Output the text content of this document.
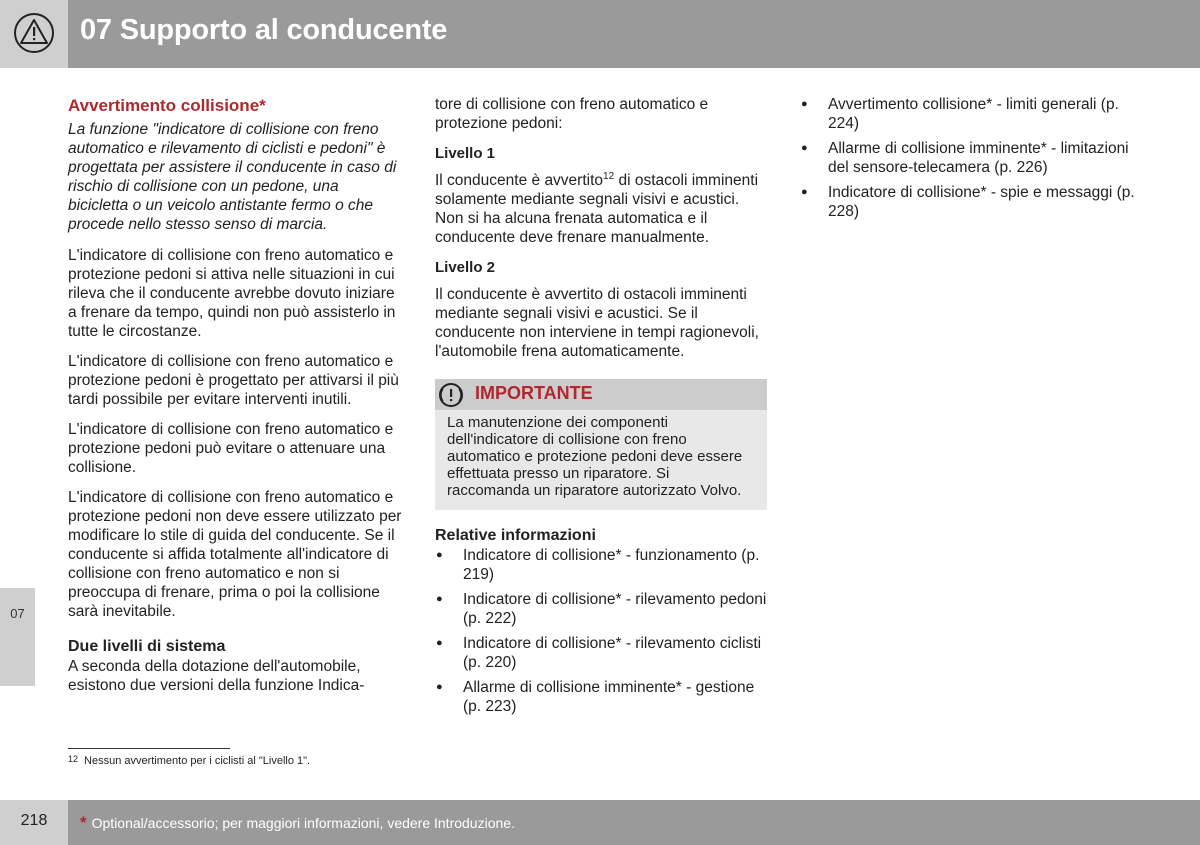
07 Supporto al conducente
07
Avvertimento collisione*

La funzione "indicatore di collisione con freno automatico e rilevamento di ciclisti e pedoni" è progettata per assistere il conducente in caso di rischio di collisione con un pedone, una bicicletta o un veicolo antistante fermo o che procede nello stesso senso di marcia.

L'indicatore di collisione con freno automatico e protezione pedoni si attiva nelle situazioni in cui rileva che il conducente avrebbe dovuto iniziare a frenare da tempo, quindi non può assisterlo in tutte le circostanze.

L'indicatore di collisione con freno automatico e protezione pedoni è progettato per attivarsi il più tardi possibile per evitare interventi inutili.

L'indicatore di collisione con freno automatico e protezione pedoni può evitare o attenuare una collisione.

L'indicatore di collisione con freno automatico e protezione pedoni non deve essere utilizzato per modificare lo stile di guida del conducente. Se il conducente si affida totalmente all'indicatore di collisione con freno automatico e non si preoccupa di frenare, prima o poi la collisione sarà inevitabile.

Due livelli di sistema

A seconda della dotazione dell'automobile, esistono due versioni della funzione Indica-

tore di collisione con freno automatico e protezione pedoni:

Livello 1

Il conducente è avvertito$^{12}$ di ostacoli imminenti solamente mediante segnali visivi e acustici. Non si ha alcuna frenata automatica e il conducente deve frenare manualmente.

Livello 2

Il conducente è avvertito di ostacoli imminenti mediante segnali visivi e acustici. Se il conducente non interviene in tempi ragionevoli, l'automobile frena automaticamente.

IMPORTANTE
La manutenzione dei componenti dell'indicatore di collisione con freno automatico e protezione pedoni deve essere effettuata presso un riparatore. Si raccomanda un riparatore autorizzato Volvo.
Relative informazioni
● Indicatore di collisione* - funzionamento (p. 219)
● Indicatore di collisione* - rilevamento pedoni (p. 222)
● Indicatore di collisione* - rilevamento ciclisti (p. 220)
● Allarme di collisione imminente* - gestione (p. 223)
● Avvertimento collisione* - limiti generali (p. 224)
● Allarme di collisione imminente* - limitazioni del sensore-telecamera (p. 226)
● Indicatore di collisione* - spie e messaggi (p. 228)
$^{12}$ Nessun avvertimento per i ciclisti al "Livello 1".
218	* Optional/accessorio; per maggiori informazioni, vedere Introduzione.
